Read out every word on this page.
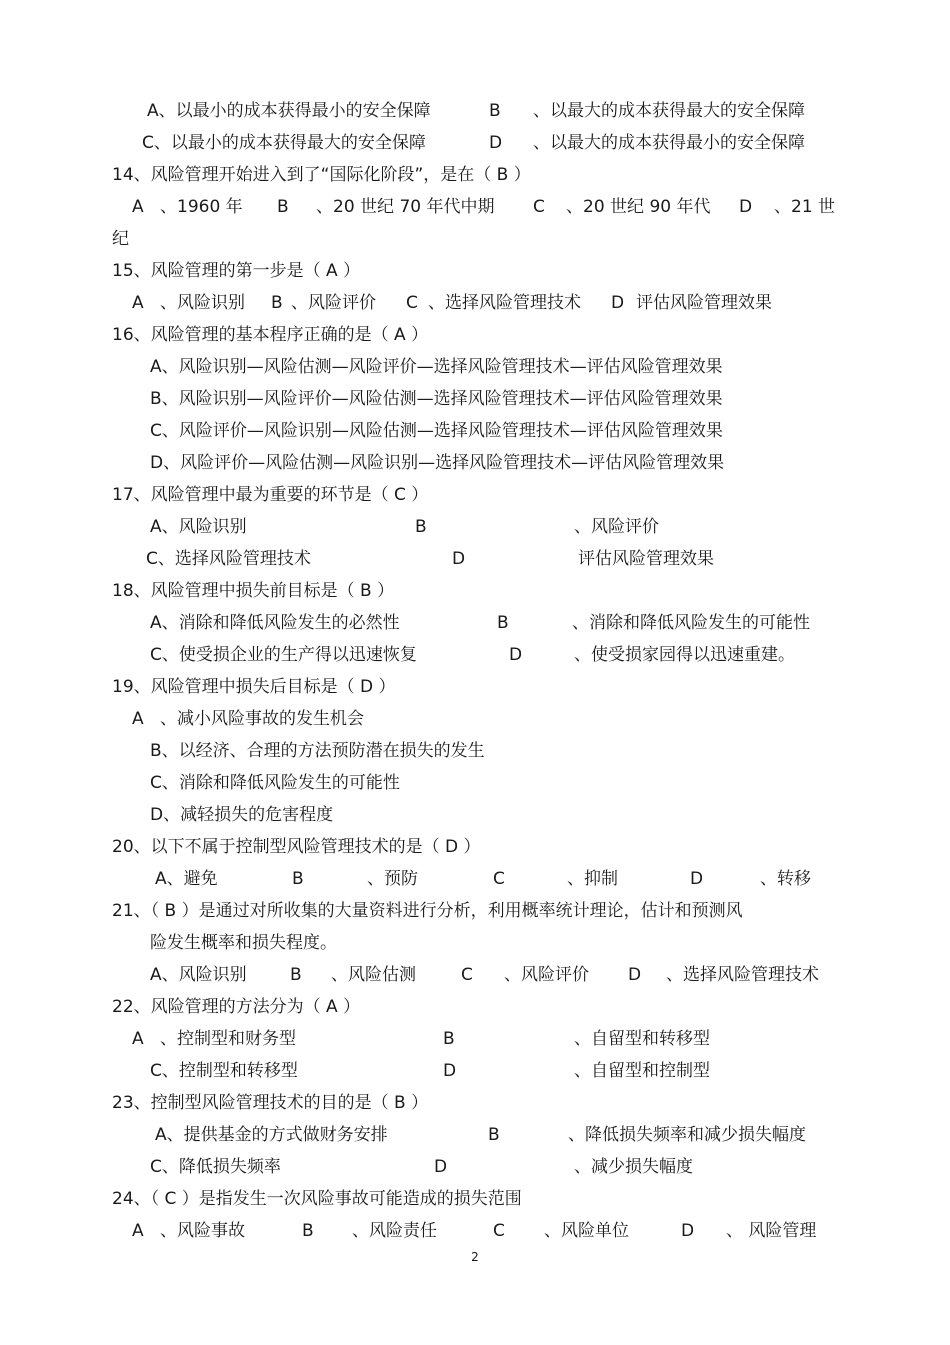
A、以最小的成本获得最小的安全保障	B 、以最大的成本获得最大的安全保障
C、以最小的成本获得最大的安全保障	D 、以最大的成本获得最小的安全保障
14、风险管理开始进入到了“国际化阶段”，是在（ B ）
A 、1960 年 B 、20 世纪 70 年代中期 C 、20 世纪 90 年代 D 、21 世
纪
15、风险管理的第一步是（ A ）
A 、风险识别 B 、风险评价 C 、选择风险管理技术 D 评估风险管理效果
16、风险管理的基本程序正确的是（ A ）
A、风险识别—风险估测—风险评价—选择风险管理技术—评估风险管理效果
B、风险识别—风险评价—风险估测—选择风险管理技术—评估风险管理效果
C、风险评价—风险识别—风险估测—选择风险管理技术—评估风险管理效果
D、风险评价—风险估测—风险识别—选择风险管理技术—评估风险管理效果
17、风险管理中最为重要的环节是（ C ）
A、风险识别	B	、风险评价
C、选择风险管理技术	D	评估风险管理效果
18、风险管理中损失前目标是（ B ）
A、消除和降低风险发生的必然性	B	、消除和降低风险发生的可能性
C、使受损企业的生产得以迅速恢复	D	、使受损家园得以迅速重建。
19、风险管理中损失后目标是（ D ）
A 、减小风险事故的发生机会
B、以经济、合理的方法预防潜在损失的发生
C、消除和降低风险发生的可能性
D、减轻损失的危害程度
20、以下不属于控制型风险管理技术的是（ D ）
A、避免	B	、预防	C	、抑制	D	、转移
21、（ B ）是通过对所收集的大量资料进行分析，利用概率统计理论，估计和预测风
险发生概率和损失程度。
A、风险识别	B 、风险估测	C 、风险评价 D 、选择风险管理技术
22、风险管理的方法分为（ A ）
A 、控制型和财务型	B	、自留型和转移型
C、控制型和转移型	D	、自留型和控制型
23、控制型风险管理技术的目的是（ B ）
A、提供基金的方式做财务安排	B	、降低损失频率和减少损失幅度
C、降低损失频率	D	、减少损失幅度
24、（ C ）是指发生一次风险事故可能造成的损失范围
A 、风险事故	B 、风险责任	C 、风险单位	D 、 风险管理
2
